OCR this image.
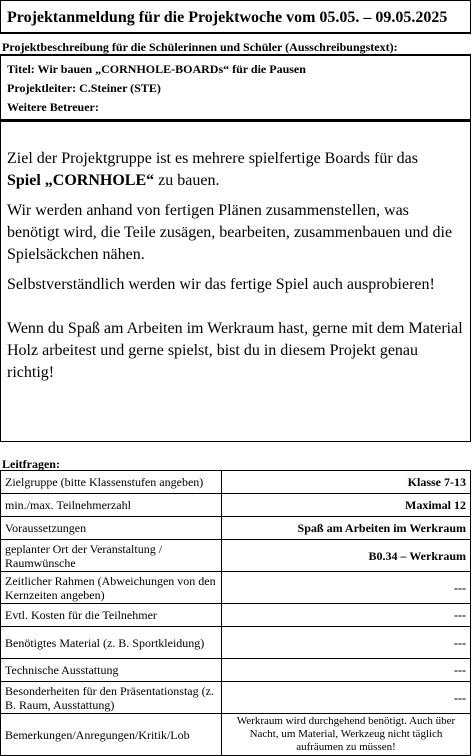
Projektanmeldung für die Projektwoche vom 05.05. – 09.05.2025
Projektbeschreibung für die Schülerinnen und Schüler (Ausschreibungstext):
Titel: Wir bauen „CORNHOLE-BOARDs“ für die Pausen
Projektleiter: C.Steiner (STE)
Weitere Betreuer:

Ziel der Projektgruppe ist es mehrere spielfertige Boards für das
Spiel „CORNHOLE“ zu bauen.

Wir werden anhand von fertigen Plänen zusammenstellen, was benötigt wird, die Teile zusägen, bearbeiten, zusammenbauen und die Spielsäckchen nähen.

Selbstverständlich werden wir das fertige Spiel auch ausprobieren!

Wenn du Spaß am Arbeiten im Werkraum hast, gerne mit dem Material Holz arbeitest und gerne spielst, bist du in diesem Projekt genau richtig!

Leitfragen:
Zielgruppe (bitte Klassenstufen angeben)	Klasse 7-13
min./max. Teilnehmerzahl	Maximal 12
Voraussetzungen	Spaß am Arbeiten im Werkraum
geplanter Ort der Veranstaltung / Raumwünsche	B0.34 – Werkraum
Zeitlicher Rahmen (Abweichungen von den Kernzeiten angeben)	---
Evtl. Kosten für die Teilnehmer	---
Benötigtes Material (z. B. Sportkleidung)	---
Technische Ausstattung	---
Besonderheiten für den Präsentationstag (z. B. Raum, Ausstattung)	---
Bemerkungen/Anregungen/Kritik/Lob	Werkraum wird durchgehend benötigt. Auch über Nacht, um Material, Werkzeug nicht täglich aufräumen zu müssen!
